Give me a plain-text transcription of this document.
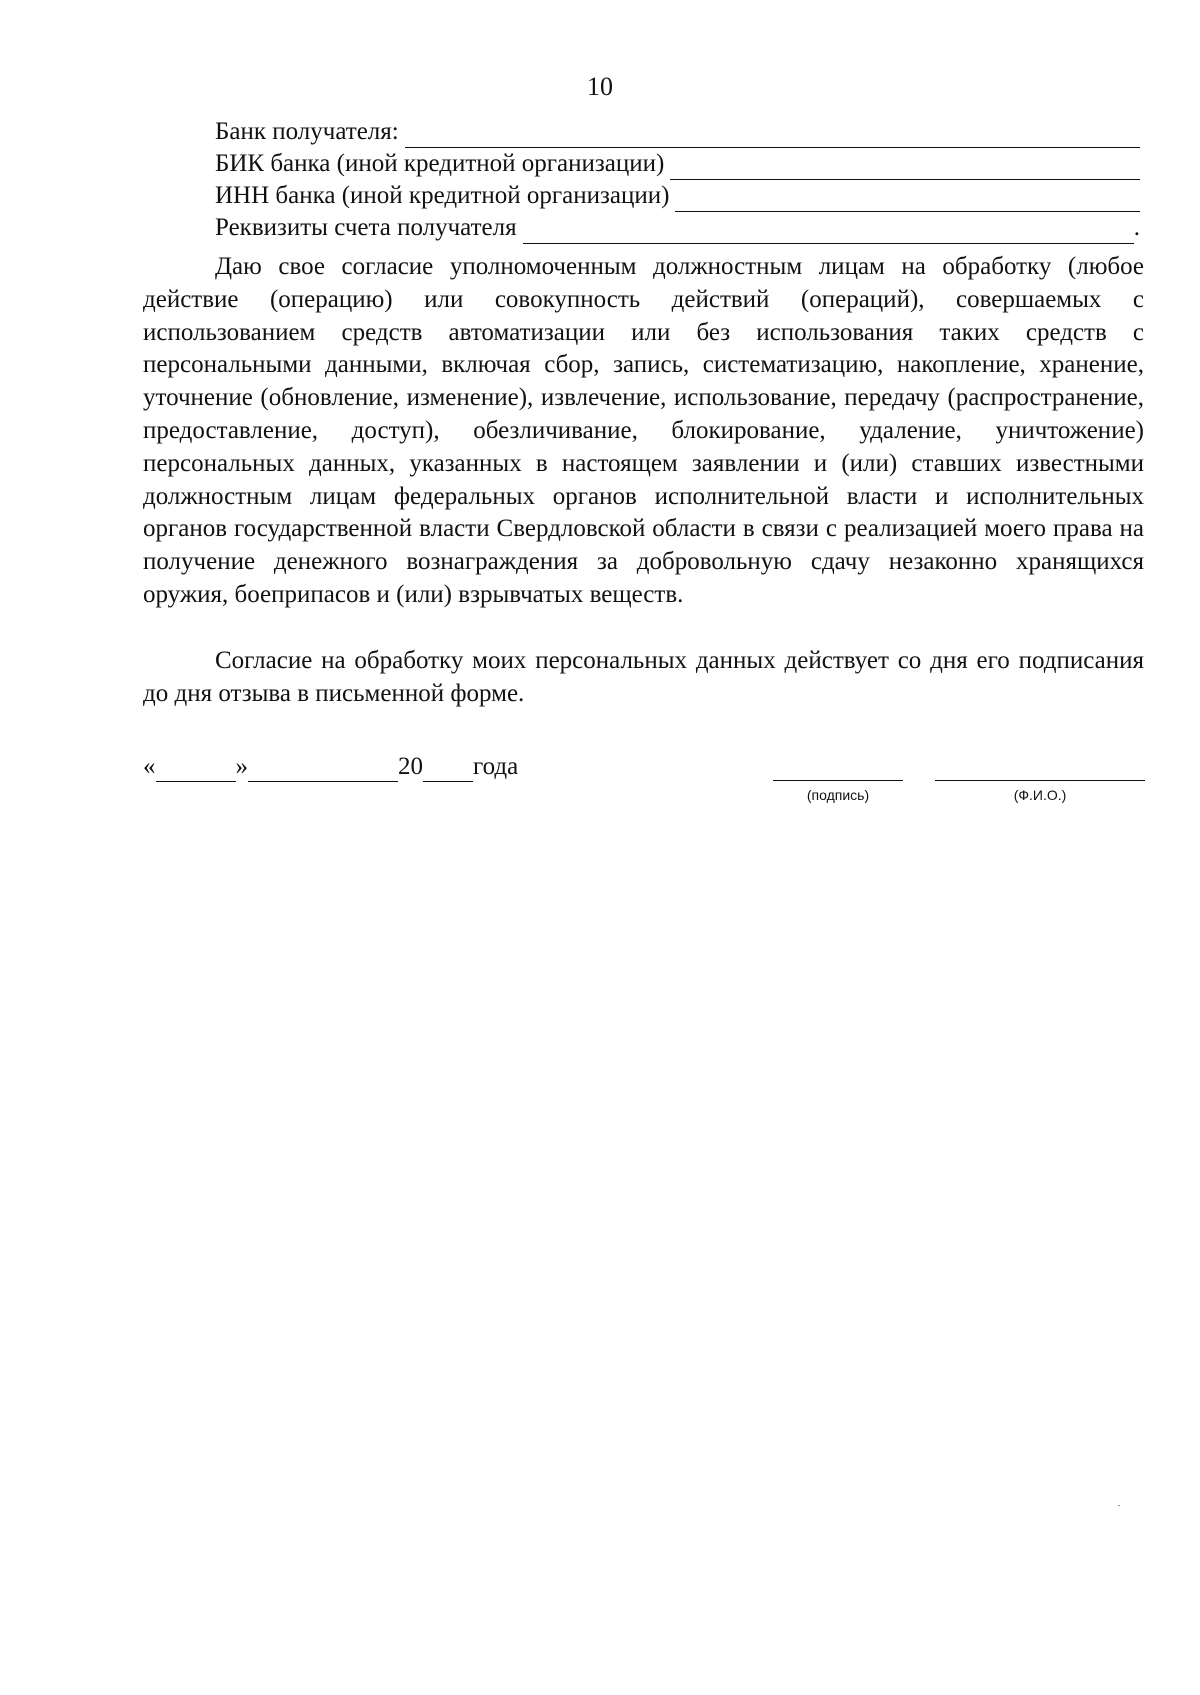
10
Банк получателя:
БИК банка (иной кредитной организации)
ИНН банка (иной кредитной организации)
Реквизиты счета получателя	.

Даю свое согласие уполномоченным должностным лицам на обработку (любое действие (операцию) или совокупность действий (операций), совершаемых с использованием средств автоматизации или без использования таких средств с персональными данными, включая сбор, запись, систематизацию, накопление, хранение, уточнение (обновление, изменение), извлечение, использование, передачу (распространение, предоставление, доступ), обезличивание, блокирование, удаление, уничтожение) персональных данных, указанных в настоящем заявлении и (или) ставших известными должностным лицам федеральных органов исполнительной власти и исполнительных органов государственной власти Свердловской области в связи с реализацией моего права на получение денежного вознаграждения за добровольную сдачу незаконно хранящихся оружия, боеприпасов и (или) взрывчатых веществ.

Согласие на обработку моих персональных данных действует со дня его подписания до дня отзыва в письменной форме.

«	»	20 года
(подпись)	(Ф.И.О.)
